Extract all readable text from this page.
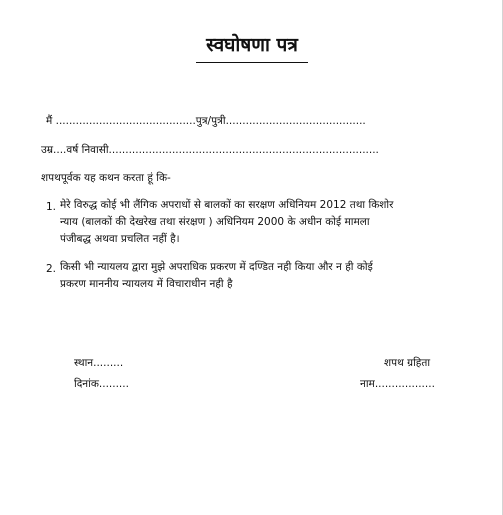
स्वघोषणा पत्र
मैं ..........................................पुत्र/पुत्री..........................................
उम्र....वर्ष निवासी.................................................................................
शपथपूर्वक यह कथन करता हूं कि-
1. मेरे विरुद्ध कोई भी लैंगिक अपराधों से बालकों का सरक्षण अधिनियम 2012 तथा किशोर
न्याय (बालकों की देखरेख तथा संरक्षण ) अधिनियम 2000 के अधीन कोई मामला
पंजीबद्ध अथवा प्रचलित नहीं है।
2. किसी भी न्यायलय द्वारा मुझे अपराधिक प्रकरण में दण्डित नही किया और न ही कोई
प्रकरण माननीय न्यायलय में विचाराधीन नही है
स्थान.........
दिनांक.........
शपथ ग्रहिता
नाम..................
